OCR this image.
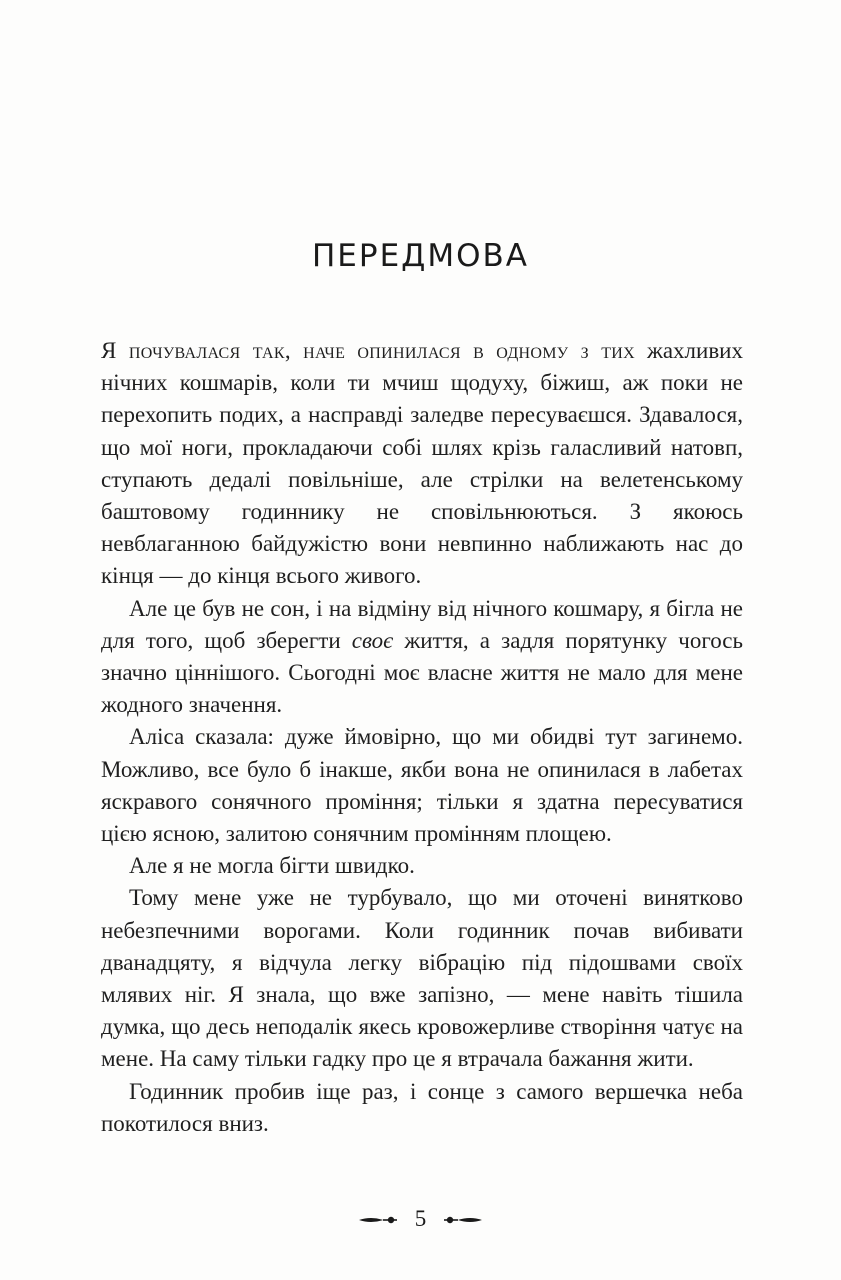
ПЕРЕДМОВА

Я почувалася так, наче опинилася в одному з тих жахливих нічних кошмарів, коли ти мчиш щодуху, біжиш, аж поки не перехопить подих, а насправді заледве пересуваєшся. Здавалося, що мої ноги, прокладаючи собі шлях крізь галасливий натовп, ступають дедалі повільніше, але стрілки на велетенському баштовому годиннику не сповільнюються. З якоюсь невблаганною байдужістю вони невпинно наближають нас до кінця — до кінця всього живого.

Але це був не сон, і на відміну від нічного кошмару, я бігла не для того, щоб зберегти своє життя, а задля порятунку чогось значно ціннішого. Сьогодні моє власне життя не мало для мене жодного значення.

Аліса сказала: дуже ймовірно, що ми обидві тут загинемо. Можливо, все було б інакше, якби вона не опинилася в лабетах яскравого сонячного проміння; тільки я здатна пересуватися цією ясною, залитою сонячним промінням площею.

Але я не могла бігти швидко.

Тому мене уже не турбувало, що ми оточені винятково небезпечними ворогами. Коли годинник почав вибивати дванадцяту, я відчула легку вібрацію під підошвами своїх млявих ніг. Я знала, що вже запізно, — мене навіть тішила думка, що десь неподалік якесь кровожерливе створіння чатує на мене. На саму тільки гадку про це я втрачала бажання жити.

Годинник пробив іще раз, і сонце з самого вершечка неба покотилося вниз.

5
